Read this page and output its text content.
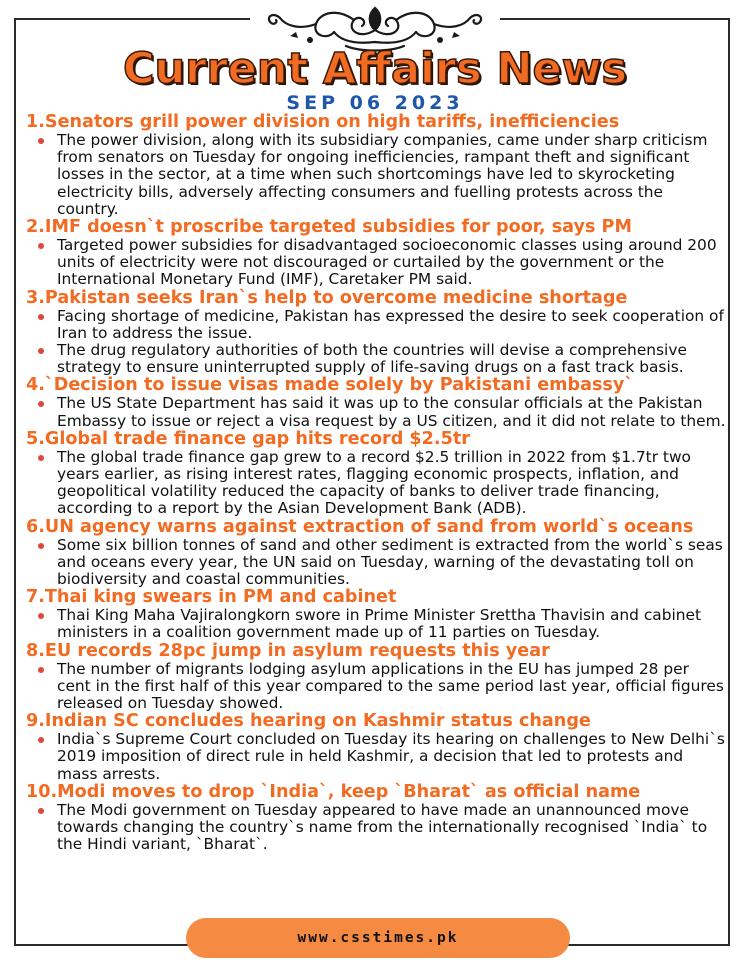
Current Affairs News
SEP 06 2023
1.Senators grill power division on high tariffs, inefficiencies
The power division, along with its subsidiary companies, came under sharp criticism from senators on Tuesday for ongoing inefficiencies, rampant theft and significant losses in the sector, at a time when such shortcomings have led to skyrocketing electricity bills, adversely affecting consumers and fuelling protests across the country.
2.IMF doesn`t proscribe targeted subsidies for poor, says PM
Targeted power subsidies for disadvantaged socioeconomic classes using around 200 units of electricity were not discouraged or curtailed by the government or the International Monetary Fund (IMF), Caretaker PM said.
3.Pakistan seeks Iran`s help to overcome medicine shortage
Facing shortage of medicine, Pakistan has expressed the desire to seek cooperation of Iran to address the issue.
The drug regulatory authorities of both the countries will devise a comprehensive strategy to ensure uninterrupted supply of life-saving drugs on a fast track basis.
4.`Decision to issue visas made solely by Pakistani embassy`
The US State Department has said it was up to the consular officials at the Pakistan Embassy to issue or reject a visa request by a US citizen, and it did not relate to them.
5.Global trade finance gap hits record $2.5tr
The global trade finance gap grew to a record $2.5 trillion in 2022 from $1.7tr two years earlier, as rising interest rates, flagging economic prospects, inflation, and geopolitical volatility reduced the capacity of banks to deliver trade financing, according to a report by the Asian Development Bank (ADB).
6.UN agency warns against extraction of sand from world`s oceans
Some six billion tonnes of sand and other sediment is extracted from the world`s seas and oceans every year, the UN said on Tuesday, warning of the devastating toll on biodiversity and coastal communities.
7.Thai king swears in PM and cabinet
Thai King Maha Vajiralongkorn swore in Prime Minister Srettha Thavisin and cabinet ministers in a coalition government made up of 11 parties on Tuesday.
8.EU records 28pc jump in asylum requests this year
The number of migrants lodging asylum applications in the EU has jumped 28 per cent in the first half of this year compared to the same period last year, official figures released on Tuesday showed.
9.Indian SC concludes hearing on Kashmir status change
India`s Supreme Court concluded on Tuesday its hearing on challenges to New Delhi`s 2019 imposition of direct rule in held Kashmir, a decision that led to protests and mass arrests.
10.Modi moves to drop `India`, keep `Bharat` as official name
The Modi government on Tuesday appeared to have made an unannounced move towards changing the country`s name from the internationally recognised `India` to the Hindi variant, `Bharat`.
www.csstimes.pk
